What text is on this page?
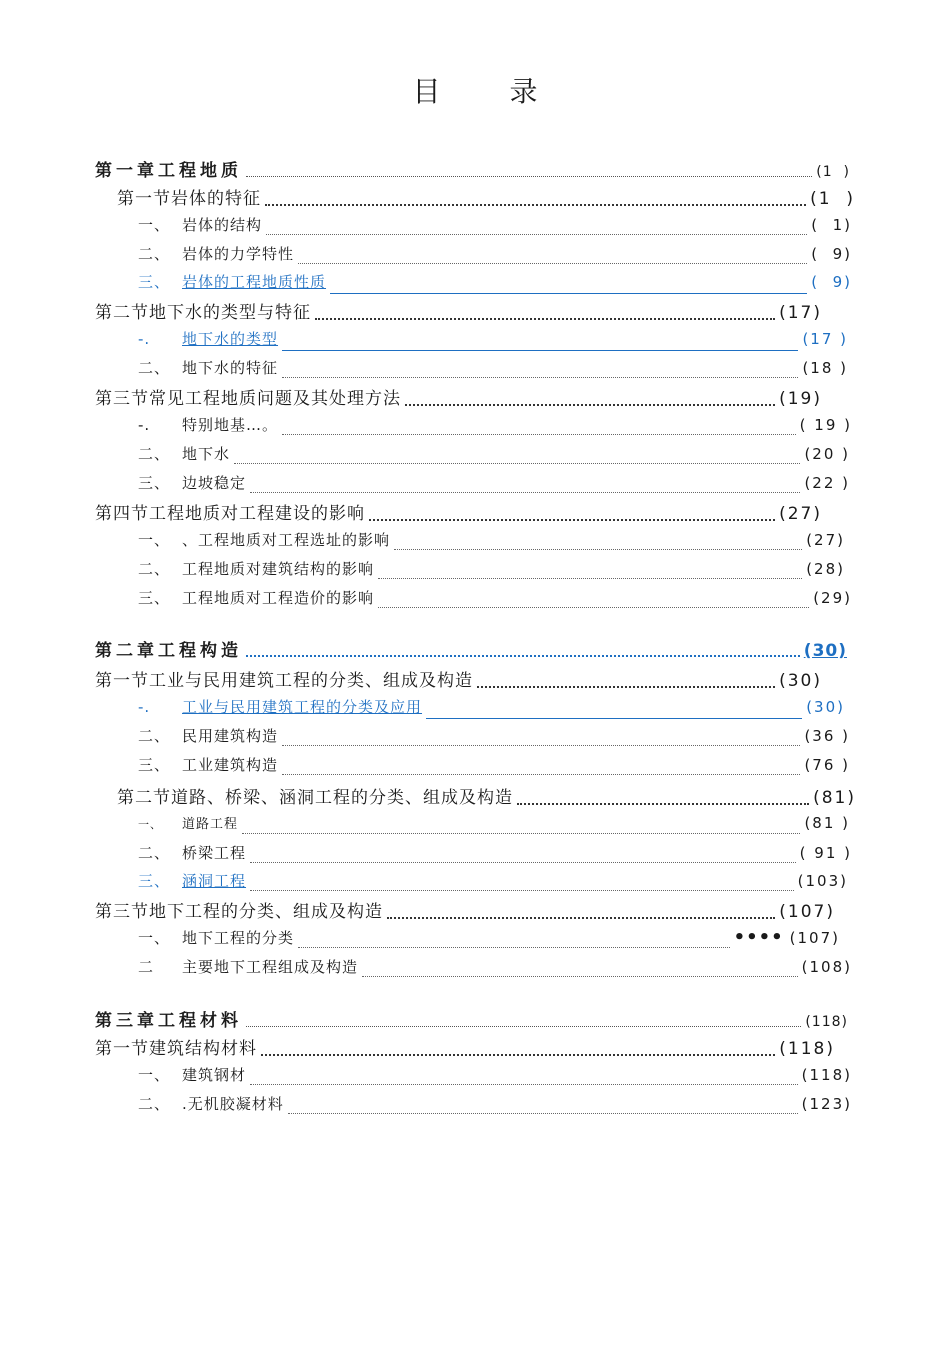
目 录
第一章工程地质	(1  )
第一节岩体的特征	(1  )
一、 岩体的结构	(  1)
二、 岩体的力学特性	(  9)
三、 岩体的工程地质性质	(  9)
第二节地下水的类型与特征	(17)
-.	地下水的类型	(17 )
二、 地下水的特征	(18 )
第三节常见工程地质问题及其处理方法	(19)
-.	特别地基…。	( 19 )
二、 地下水	(20 )
三、 边坡稳定	(22 )
第四节工程地质对工程建设的影响	(27)
一、 、工程地质对工程选址的影响	(27)
二、 工程地质对建筑结构的影响	(28)
三、 工程地质对工程造价的影响	(29)
第二章工程构造	(30)
第一节工业与民用建筑工程的分类、组成及构造	(30)
-.	工业与民用建筑工程的分类及应用	(30)
二、 民用建筑构造	(36 )
三、 工业建筑构造	(76 )
第二节道路、桥梁、涵洞工程的分类、组成及构造	(81)
一、	道路工程	(81 )
二、 桥梁工程	( 91 )
三、 涵洞工程	(103)
第三节地下工程的分类、组成及构造	(107)
一、 地下工程的分类	•••• (107)
二	主要地下工程组成及构造	(108)
第三章工程材料	(118)
第一节建筑结构材料	(118)
一、 建筑钢材	(118)
二、 .无机胶凝材料	(123)
